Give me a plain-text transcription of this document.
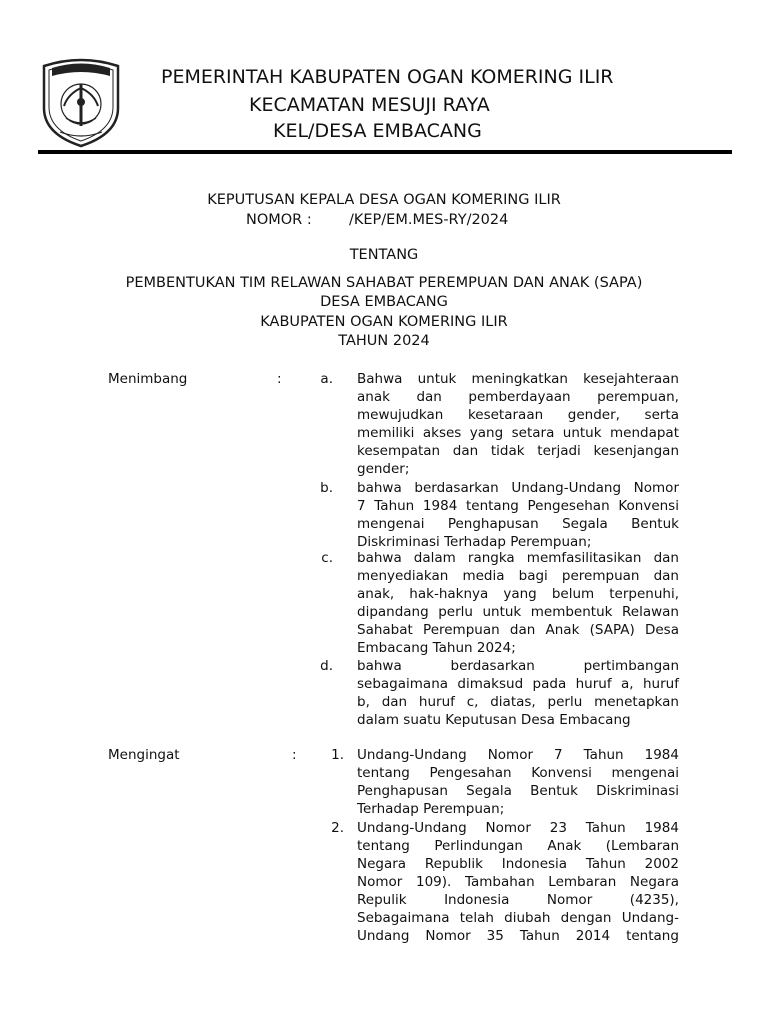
PEMERINTAH KABUPATEN OGAN KOMERING ILIR
KECAMATAN MESUJI RAYA
KEL/DESA EMBACANG
KEPUTUSAN KEPALA DESA OGAN KOMERING ILIR
NOMOR :	/KEP/EM.MES-RY/2024
TENTANG
PEMBENTUKAN TIM RELAWAN SAHABAT PEREMPUAN DAN ANAK (SAPA)
DESA EMBACANG
KABUPATEN OGAN KOMERING ILIR
TAHUN 2024
Menimbang	:	a. Bahwa untuk meningkatkan kesejahteraan
anak dan pemberdayaan perempuan,
mewujudkan kesetaraan gender, serta
memiliki akses yang setara untuk mendapat
kesempatan dan tidak terjadi kesenjangan
gender;
b. bahwa berdasarkan Undang-Undang Nomor
7 Tahun 1984 tentang Pengesehan Konvensi
mengenai Penghapusan Segala Bentuk
Diskriminasi Terhadap Perempuan;
c. bahwa dalam rangka memfasilitasikan dan
menyediakan media bagi perempuan dan
anak, hak-haknya yang belum terpenuhi,
dipandang perlu untuk membentuk Relawan
Sahabat Perempuan dan Anak (SAPA) Desa
Embacang Tahun 2024;
d. bahwa	berdasarkan	pertimbangan
sebagaimana dimaksud pada huruf a, huruf
b, dan huruf c, diatas, perlu menetapkan
dalam suatu Keputusan Desa Embacang
Mengingat	:	1. Undang-Undang Nomor 7 Tahun 1984
tentang Pengesahan Konvensi mengenai
Penghapusan Segala Bentuk Diskriminasi
Terhadap Perempuan;
2. Undang-Undang Nomor 23 Tahun 1984
tentang Perlindungan Anak (Lembaran
Negara Republik Indonesia Tahun 2002
Nomor 109). Tambahan Lembaran Negara
Repulik	Indonesia	Nomor	(4235),
Sebagaimana telah diubah dengan Undang-
Undang Nomor 35 Tahun 2014 tentang
